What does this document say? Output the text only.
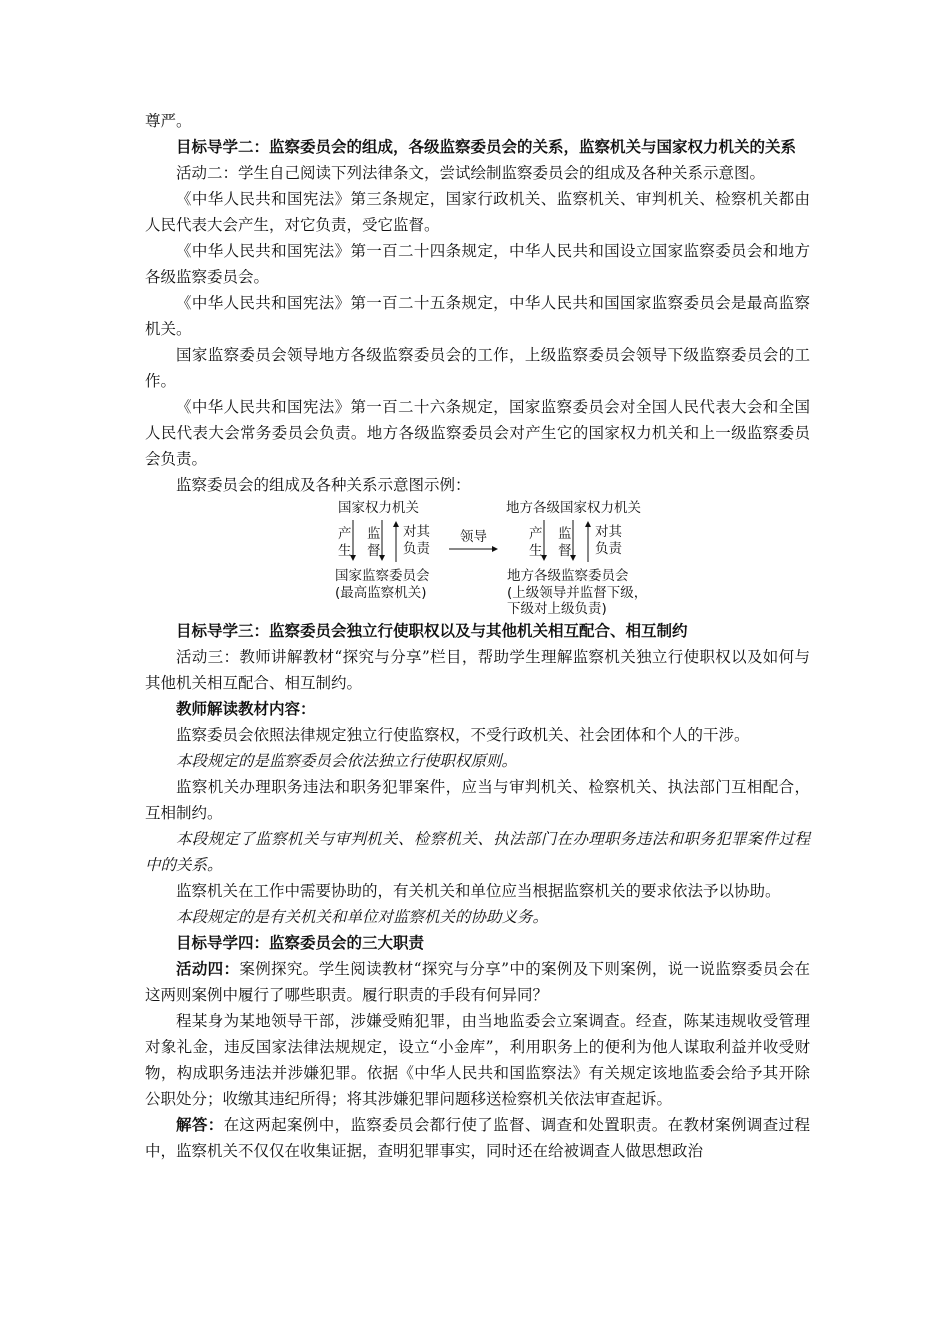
尊严。

目标导学二：监察委员会的组成，各级监察委员会的关系，监察机关与国家权力机关的关系

活动二：学生自己阅读下列法律条文，尝试绘制监察委员会的组成及各种关系示意图。

《中华人民共和国宪法》第三条规定，国家行政机关、监察机关、审判机关、检察机关都由人民代表大会产生，对它负责，受它监督。

《中华人民共和国宪法》第一百二十四条规定，中华人民共和国设立国家监察委员会和地方各级监察委员会。

《中华人民共和国宪法》第一百二十五条规定，中华人民共和国国家监察委员会是最高监察机关。

国家监察委员会领导地方各级监察委员会的工作，上级监察委员会领导下级监察委员会的工作。

《中华人民共和国宪法》第一百二十六条规定，国家监察委员会对全国人民代表大会和全国人民代表大会常务委员会负责。地方各级监察委员会对产生它的国家权力机关和上一级监察委员会负责。

监察委员会的组成及各种关系示意图示例：

国家权力机关
产生
监督
对其
负责
国家监察委员会
(最高监察机关)
领导
地方各级国家权力机关
产生
监督
对其
负责
地方各级监察委员会
(上级领导并监督下级，
下级对上级负责)

目标导学三：监察委员会独立行使职权以及与其他机关相互配合、相互制约

活动三：教师讲解教材“探究与分享”栏目，帮助学生理解监察机关独立行使职权以及如何与其他机关相互配合、相互制约。

教师解读教材内容：

监察委员会依照法律规定独立行使监察权，不受行政机关、社会团体和个人的干涉。

本段规定的是监察委员会依法独立行使职权原则。

监察机关办理职务违法和职务犯罪案件，应当与审判机关、检察机关、执法部门互相配合，互相制约。

本段规定了监察机关与审判机关、检察机关、执法部门在办理职务违法和职务犯罪案件过程中的关系。

监察机关在工作中需要协助的，有关机关和单位应当根据监察机关的要求依法予以协助。

本段规定的是有关机关和单位对监察机关的协助义务。

目标导学四：监察委员会的三大职责

活动四：案例探究。学生阅读教材“探究与分享”中的案例及下则案例，说一说监察委员会在这两则案例中履行了哪些职责。履行职责的手段有何异同？

程某身为某地领导干部，涉嫌受贿犯罪，由当地监委会立案调查。经查，陈某违规收受管理对象礼金，违反国家法律法规规定，设立“小金库”，利用职务上的便利为他人谋取利益并收受财物，构成职务违法并涉嫌犯罪。依据《中华人民共和国监察法》有关规定该地监委会给予其开除公职处分；收缴其违纪所得；将其涉嫌犯罪问题移送检察机关依法审查起诉。

解答：在这两起案例中，监察委员会都行使了监督、调查和处置职责。在教材案例调查过程中，监察机关不仅仅在收集证据，查明犯罪事实，同时还在给被调查人做思想政治
